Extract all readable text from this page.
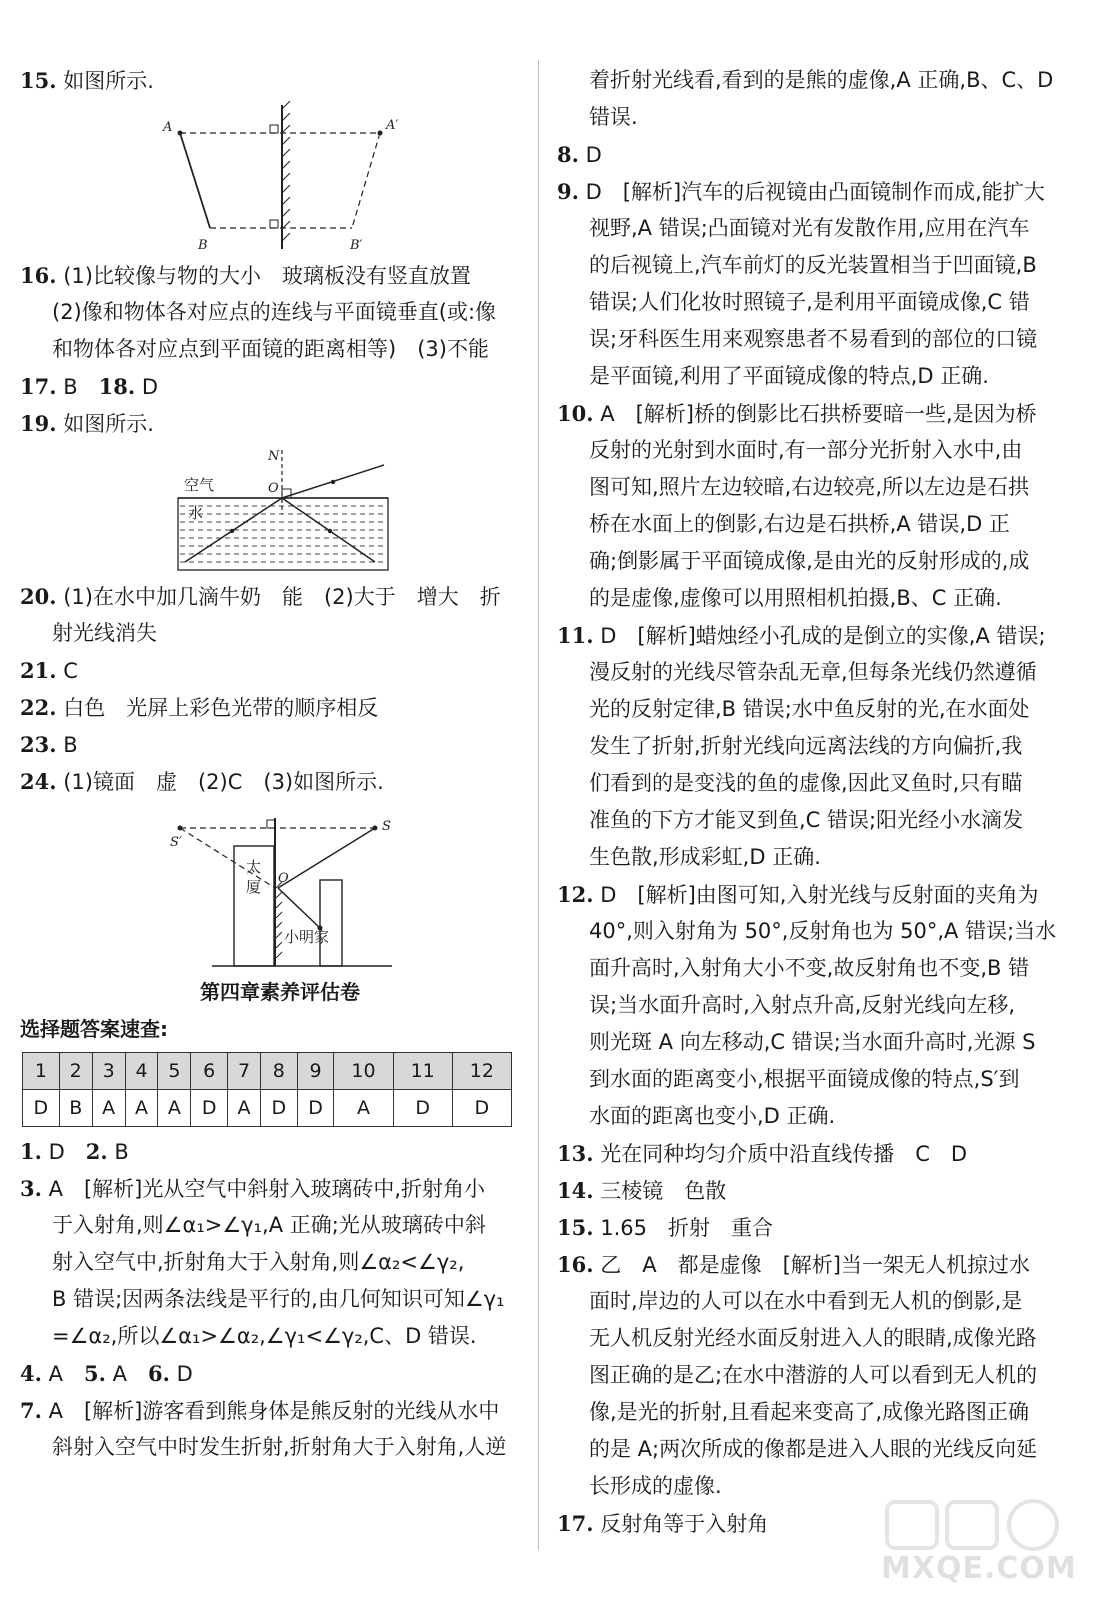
15. 如图所示.
A	A′
B	B′
16. (1)比较像与物的大小　玻璃板没有竖直放置
(2)像和物体各对应点的连线与平面镜垂直(或:像
和物体各对应点到平面镜的距离相等)　(3)不能
17. B　18. D
19. 如图所示.
N
O
空气
水
20. (1)在水中加几滴牛奶　能　(2)大于　增大　折
射光线消失
21. C
22. 白色　光屏上彩色光带的顺序相反
23. B
24. (1)镜面　虚　(2)C　(3)如图所示.
S′
S
O
太
厦
小明家
第四章素养评估卷
选择题答案速查:
1	2	3	4	5	6	7	8	9	10	11	12
D	B	A	A	A	D	A	D	D	A	D	D
1. D　2. B
3. A　[解析]光从空气中斜射入玻璃砖中,折射角小
于入射角,则∠α₁>∠γ₁,A 正确;光从玻璃砖中斜
射入空气中,折射角大于入射角,则∠α₂<∠γ₂,
B 错误;因两条法线是平行的,由几何知识可知∠γ₁
=∠α₂,所以∠α₁>∠α₂,∠γ₁<∠γ₂,C、D 错误.
4. A　5. A　6. D
7. A　[解析]游客看到熊身体是熊反射的光线从水中
斜射入空气中时发生折射,折射角大于入射角,人逆
着折射光线看,看到的是熊的虚像,A 正确,B、C、D
错误.
8. D
9. D　[解析]汽车的后视镜由凸面镜制作而成,能扩大
视野,A 错误;凸面镜对光有发散作用,应用在汽车
的后视镜上,汽车前灯的反光装置相当于凹面镜,B
错误;人们化妆时照镜子,是利用平面镜成像,C 错
误;牙科医生用来观察患者不易看到的部位的口镜
是平面镜,利用了平面镜成像的特点,D 正确.
10. A　[解析]桥的倒影比石拱桥要暗一些,是因为桥
反射的光射到水面时,有一部分光折射入水中,由
图可知,照片左边较暗,右边较亮,所以左边是石拱
桥在水面上的倒影,右边是石拱桥,A 错误,D 正
确;倒影属于平面镜成像,是由光的反射形成的,成
的是虚像,虚像可以用照相机拍摄,B、C 正确.
11. D　[解析]蜡烛经小孔成的是倒立的实像,A 错误;
漫反射的光线尽管杂乱无章,但每条光线仍然遵循
光的反射定律,B 错误;水中鱼反射的光,在水面处
发生了折射,折射光线向远离法线的方向偏折,我
们看到的是变浅的鱼的虚像,因此叉鱼时,只有瞄
准鱼的下方才能叉到鱼,C 错误;阳光经小水滴发
生色散,形成彩虹,D 正确.
12. D　[解析]由图可知,入射光线与反射面的夹角为
40°,则入射角为 50°,反射角也为 50°,A 错误;当水
面升高时,入射角大小不变,故反射角也不变,B 错
误;当水面升高时,入射点升高,反射光线向左移,
则光斑 A 向左移动,C 错误;当水面升高时,光源 S
到水面的距离变小,根据平面镜成像的特点,S′到
水面的距离也变小,D 正确.
13. 光在同种均匀介质中沿直线传播　C　D
14. 三棱镜　色散
15. 1.65　折射　重合
16. 乙　A　都是虚像　[解析]当一架无人机掠过水
面时,岸边的人可以在水中看到无人机的倒影,是
无人机反射光经水面反射进入人的眼睛,成像光路
图正确的是乙;在水中潜游的人可以看到无人机的
像,是光的折射,且看起来变高了,成像光路图正确
的是 A;两次所成的像都是进入人眼的光线反向延
长形成的虚像.
17. 反射角等于入射角
MXQE.COM
